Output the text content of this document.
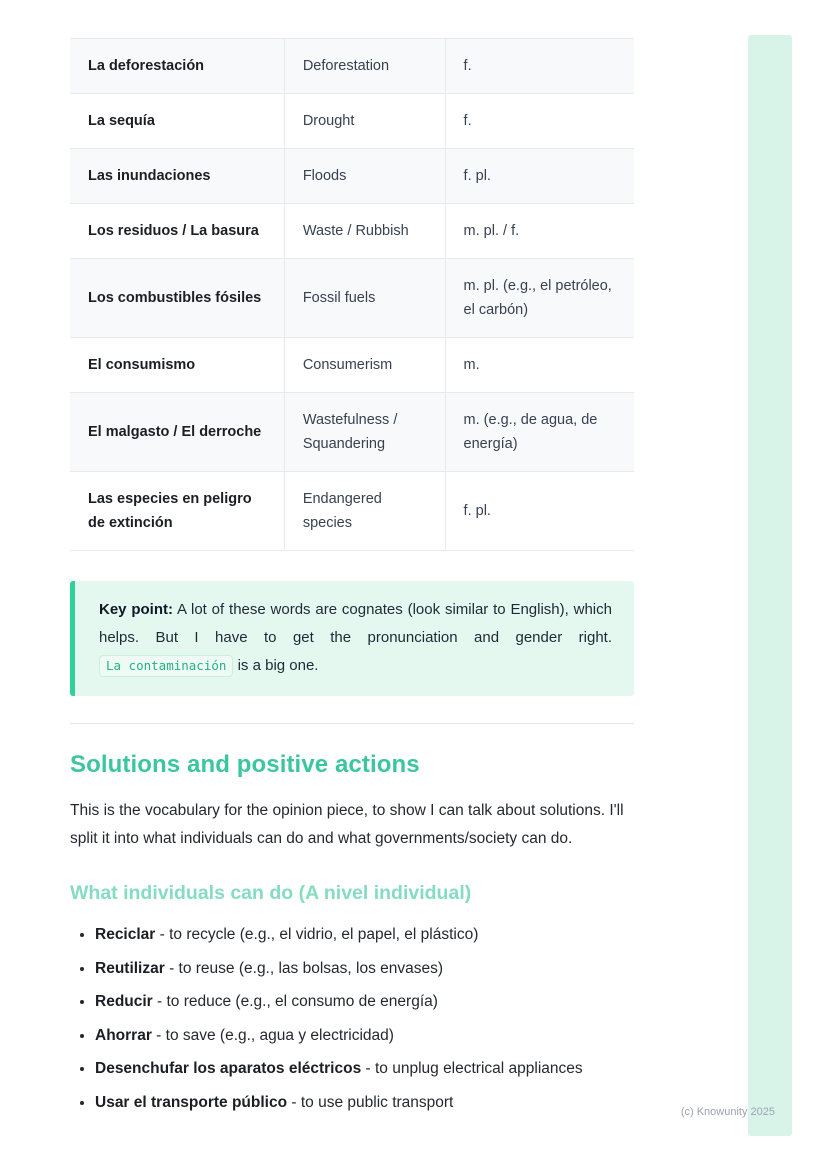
La deforestación	Deforestation	f.
La sequía	Drought	f.
Las inundaciones	Floods	f. pl.
Los residuos / La basura	Waste / Rubbish	m. pl. / f.
Los combustibles fósiles	Fossil fuels	m. pl. (e.g., el petróleo, el carbón)
El consumismo	Consumerism	m.
El malgasto / El derroche	Wastefulness / Squandering	m. (e.g., de agua, de energía)
Las especies en peligro de extinción	Endangered species	f. pl.

Key point: A lot of these words are cognates (look similar to English), which helps. But I have to get the pronunciation and gender right. La contaminación is a big one.

Solutions and positive actions

This is the vocabulary for the opinion piece, to show I can talk about solutions. I'll split it into what individuals can do and what governments/society can do.

What individuals can do (A nivel individual)
• Reciclar - to recycle (e.g., el vidrio, el papel, el plástico)
• Reutilizar - to reuse (e.g., las bolsas, los envases)
• Reducir - to reduce (e.g., el consumo de energía)
• Ahorrar - to save (e.g., agua y electricidad)
• Desenchufar los aparatos eléctricos - to unplug electrical appliances
• Usar el transporte público - to use public transport
(c) Knowunity 2025
